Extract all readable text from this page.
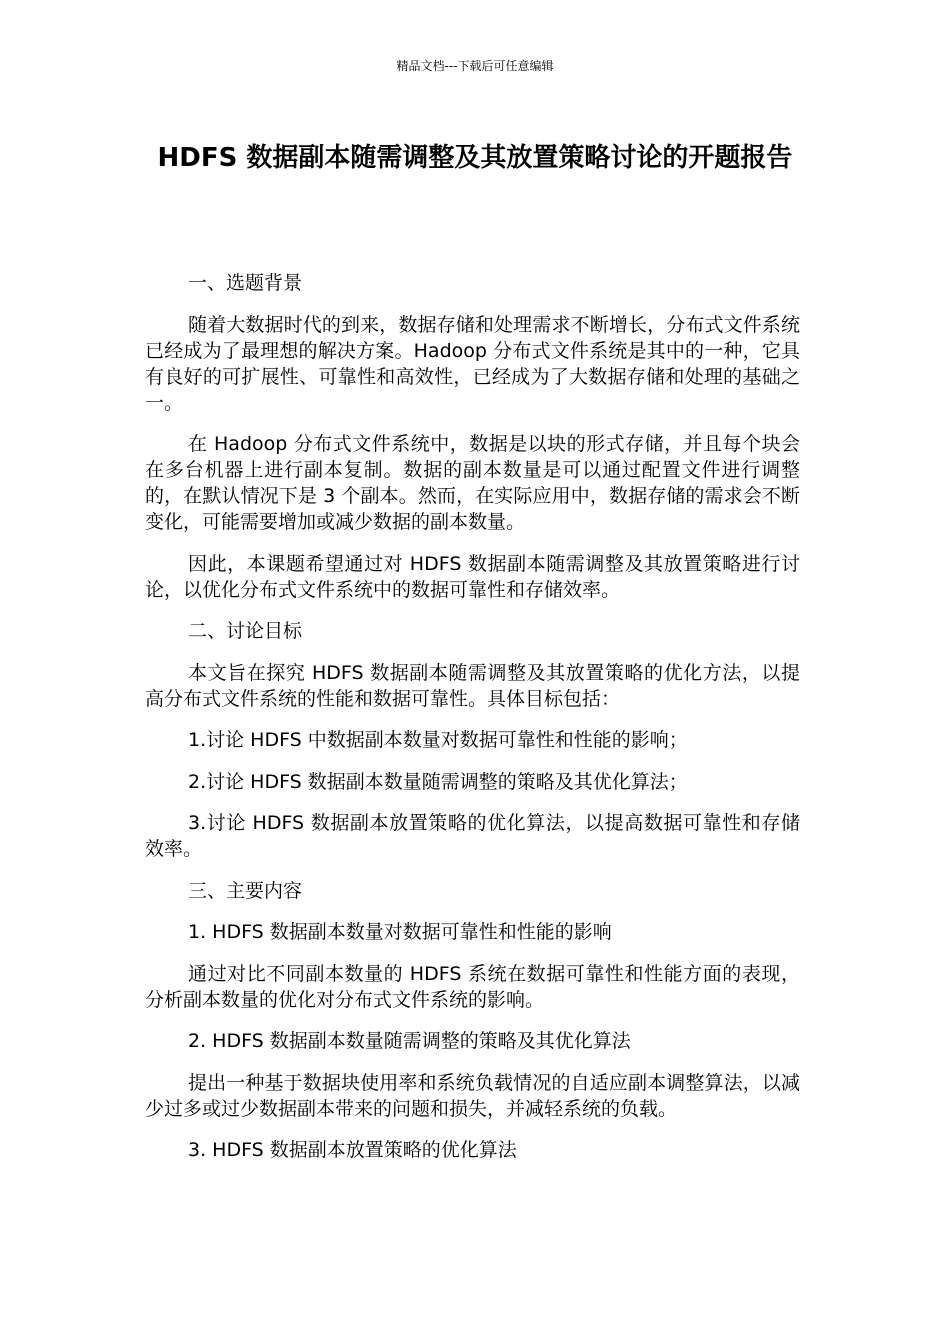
精品文档---下载后可任意编辑
HDFS 数据副本随需调整及其放置策略讨论的开题报告

一、选题背景

随着大数据时代的到来，数据存储和处理需求不断增长，分布式文件系统已经成为了最理想的解决方案。Hadoop 分布式文件系统是其中的一种，它具有良好的可扩展性、可靠性和高效性，已经成为了大数据存储和处理的基础之一。

在 Hadoop 分布式文件系统中，数据是以块的形式存储，并且每个块会在多台机器上进行副本复制。数据的副本数量是可以通过配置文件进行调整的，在默认情况下是 3 个副本。然而，在实际应用中，数据存储的需求会不断变化，可能需要增加或减少数据的副本数量。

因此，本课题希望通过对 HDFS 数据副本随需调整及其放置策略进行讨论，以优化分布式文件系统中的数据可靠性和存储效率。

二、讨论目标

本文旨在探究 HDFS 数据副本随需调整及其放置策略的优化方法，以提高分布式文件系统的性能和数据可靠性。具体目标包括：

1.讨论 HDFS 中数据副本数量对数据可靠性和性能的影响；

2.讨论 HDFS 数据副本数量随需调整的策略及其优化算法；

3.讨论 HDFS 数据副本放置策略的优化算法，以提高数据可靠性和存储效率。

三、主要内容

1. HDFS 数据副本数量对数据可靠性和性能的影响

通过对比不同副本数量的 HDFS 系统在数据可靠性和性能方面的表现，分析副本数量的优化对分布式文件系统的影响。

2. HDFS 数据副本数量随需调整的策略及其优化算法

提出一种基于数据块使用率和系统负载情况的自适应副本调整算法，以减少过多或过少数据副本带来的问题和损失，并减轻系统的负载。

3. HDFS 数据副本放置策略的优化算法
